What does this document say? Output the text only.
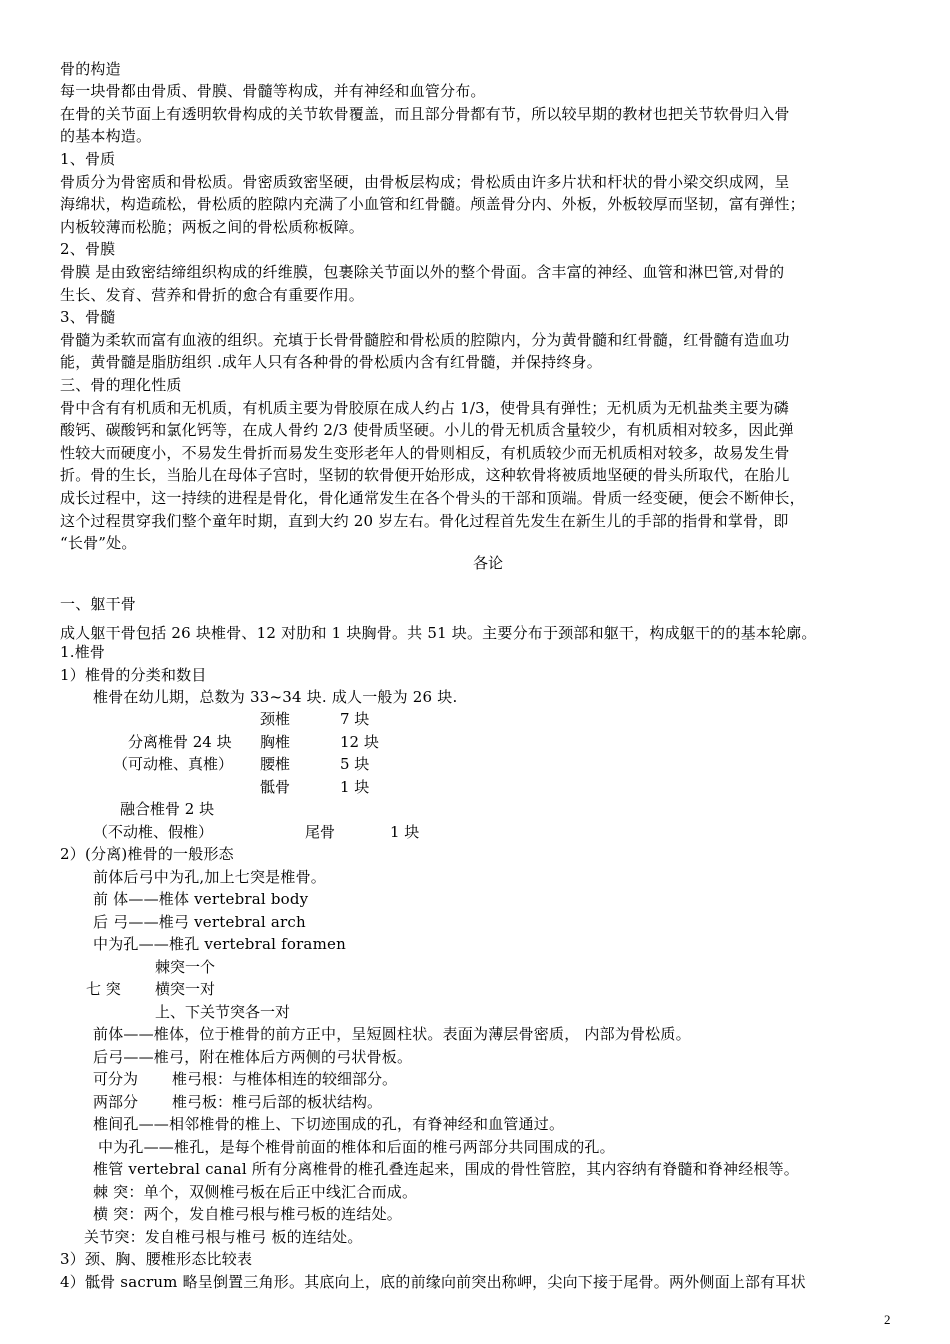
骨的构造
每一块骨都由骨质、骨膜、骨髓等构成，并有神经和血管分布。
在骨的关节面上有透明软骨构成的关节软骨覆盖，而且部分骨都有节，所以较早期的教材也把关节软骨归入骨
的基本构造。
1、骨质
骨质分为骨密质和骨松质。骨密质致密坚硬，由骨板层构成；骨松质由许多片状和杆状的骨小梁交织成网，呈
海绵状，构造疏松，骨松质的腔隙内充满了小血管和红骨髓。颅盖骨分内、外板，外板较厚而坚韧，富有弹性；
内板较薄而松脆；两板之间的骨松质称板障。
2、骨膜
骨膜 是由致密结缔组织构成的纤维膜，包裹除关节面以外的整个骨面。含丰富的神经、血管和淋巴管,对骨的
生长、发育、营养和骨折的愈合有重要作用。
3、骨髓
骨髓为柔软而富有血液的组织。充填于长骨骨髓腔和骨松质的腔隙内，分为黄骨髓和红骨髓，红骨髓有造血功
能，黄骨髓是脂肪组织 .成年人只有各种骨的骨松质内含有红骨髓，并保持终身。
三、骨的理化性质
骨中含有有机质和无机质，有机质主要为骨胶原在成人约占 1/3，使骨具有弹性；无机质为无机盐类主要为磷
酸钙、碳酸钙和氯化钙等，在成人骨约 2/3 使骨质坚硬。小儿的骨无机质含量较少，有机质相对较多，因此弹
性较大而硬度小，不易发生骨折而易发生变形老年人的骨则相反，有机质较少而无机质相对较多，故易发生骨
折。骨的生长，当胎儿在母体子宫时，坚韧的软骨便开始形成，这种软骨将被质地坚硬的骨头所取代，在胎儿
成长过程中，这一持续的进程是骨化，骨化通常发生在各个骨头的干部和顶端。骨质一经变硬，便会不断伸长，
这个过程贯穿我们整个童年时期，直到大约 20 岁左右。骨化过程首先发生在新生儿的手部的指骨和掌骨，即
“长骨”处。
各论
一、躯干骨
成人躯干骨包括 26 块椎骨、12 对肋和 1 块胸骨。共 51 块。主要分布于颈部和躯干，构成躯干的的基本轮廓。
1.椎骨
1）椎骨的分类和数目
椎骨在幼儿期，总数为 33~34 块. 成人一般为 26 块.
颈椎	7 块
分离椎骨 24 块 胸椎	12 块
（可动椎、真椎） 腰椎	5 块
骶骨	1 块
融合椎骨 2 块
（不动椎、假椎）	尾骨	1 块
2）(分离)椎骨的一般形态
前体后弓中为孔,加上七突是椎骨。
前 体——椎体 vertebral body
后 弓——椎弓 vertebral arch
中为孔——椎孔 vertebral foramen
棘突一个
七 突 横突一对
上、下关节突各一对
前体——椎体，位于椎骨的前方正中，呈短圆柱状。表面为薄层骨密质， 内部为骨松质。
后弓——椎弓，附在椎体后方两侧的弓状骨板。
可分为 椎弓根：与椎体相连的较细部分。
两部分 椎弓板：椎弓后部的板状结构。
椎间孔——相邻椎骨的椎上、下切迹围成的孔，有脊神经和血管通过。
中为孔——椎孔，是每个椎骨前面的椎体和后面的椎弓两部分共同围成的孔。
椎管 vertebral canal 所有分离椎骨的椎孔叠连起来，围成的骨性管腔，其内容纳有脊髓和脊神经根等。
棘 突：单个，双侧椎弓板在后正中线汇合而成。
横 突：两个，发自椎弓根与椎弓板的连结处。
关节突：发自椎弓根与椎弓 板的连结处。
3）颈、胸、腰椎形态比较表
4）骶骨 sacrum 略呈倒置三角形。其底向上，底的前缘向前突出称岬，尖向下接于尾骨。两外侧面上部有耳状
2
